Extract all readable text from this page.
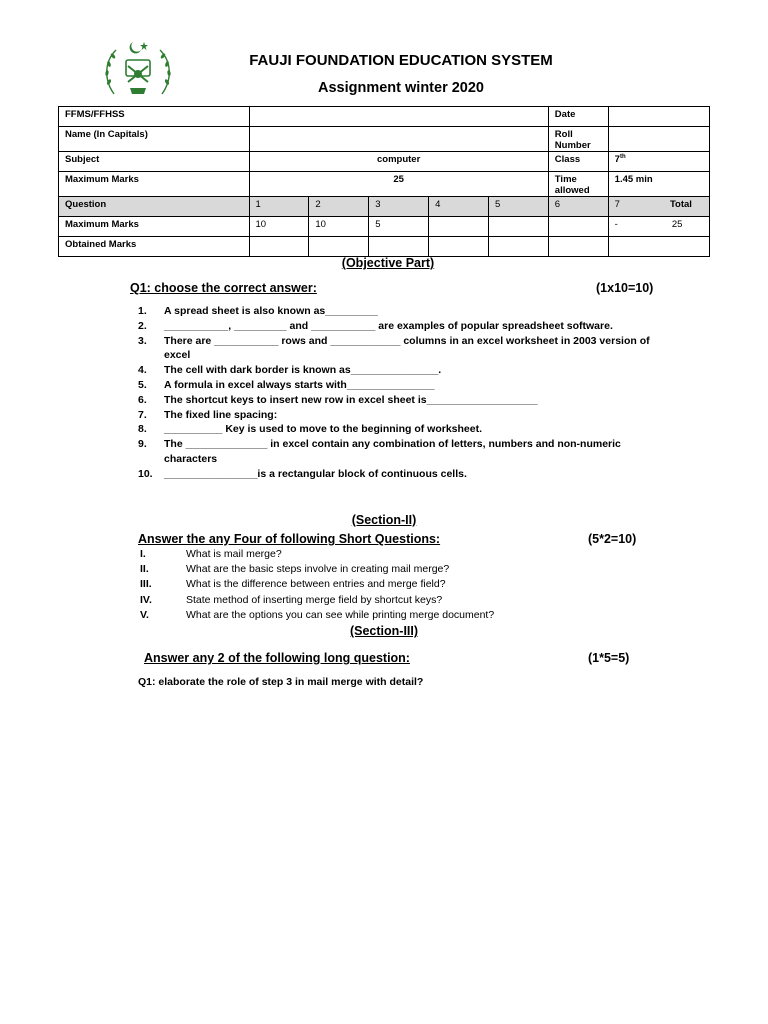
FAUJI FOUNDATION EDUCATION SYSTEM
Assignment winter 2020
FFMS/FFHSS						Date	
Name (In Capitals)						Roll Number	
Subject	computer					Class	7th
Maximum Marks	25					Time allowed	1.45 min
Question	1	2	3	4	5	6	7 Total
Maximum Marks	10	10	5				- 25
Obtained Marks							
(Objective Part)
Q1: choose the correct answer:	(1x10=10)
1. A spread sheet is also known as_________
2. ___________, _________ and ___________ are examples of popular spreadsheet software.
3. There are ___________ rows and ____________ columns in an excel worksheet in 2003 version of excel
4. The cell with dark border is known as_______________.
5. A formula in excel always starts with_______________
6. The shortcut keys to insert new row in excel sheet is___________________
7. The fixed line spacing:
8. __________ Key is used to move to the beginning of worksheet.
9. The ______________ in excel contain any combination of letters, numbers and non-numeric characters
10. ________________is a rectangular block of continuous cells.
(Section-II)
Answer the any Four of following Short Questions:	(5*2=10)
I.	What is mail merge?
II.	What are the basic steps involve in creating mail merge?
III.	What is the difference between entries and merge field?
IV.	State method of inserting merge field by shortcut keys?
V.	What are the options you can see while printing merge document?
(Section-III)
Answer any 2 of the following long question:	(1*5=5)
Q1: elaborate the role of step 3 in mail merge with detail?
